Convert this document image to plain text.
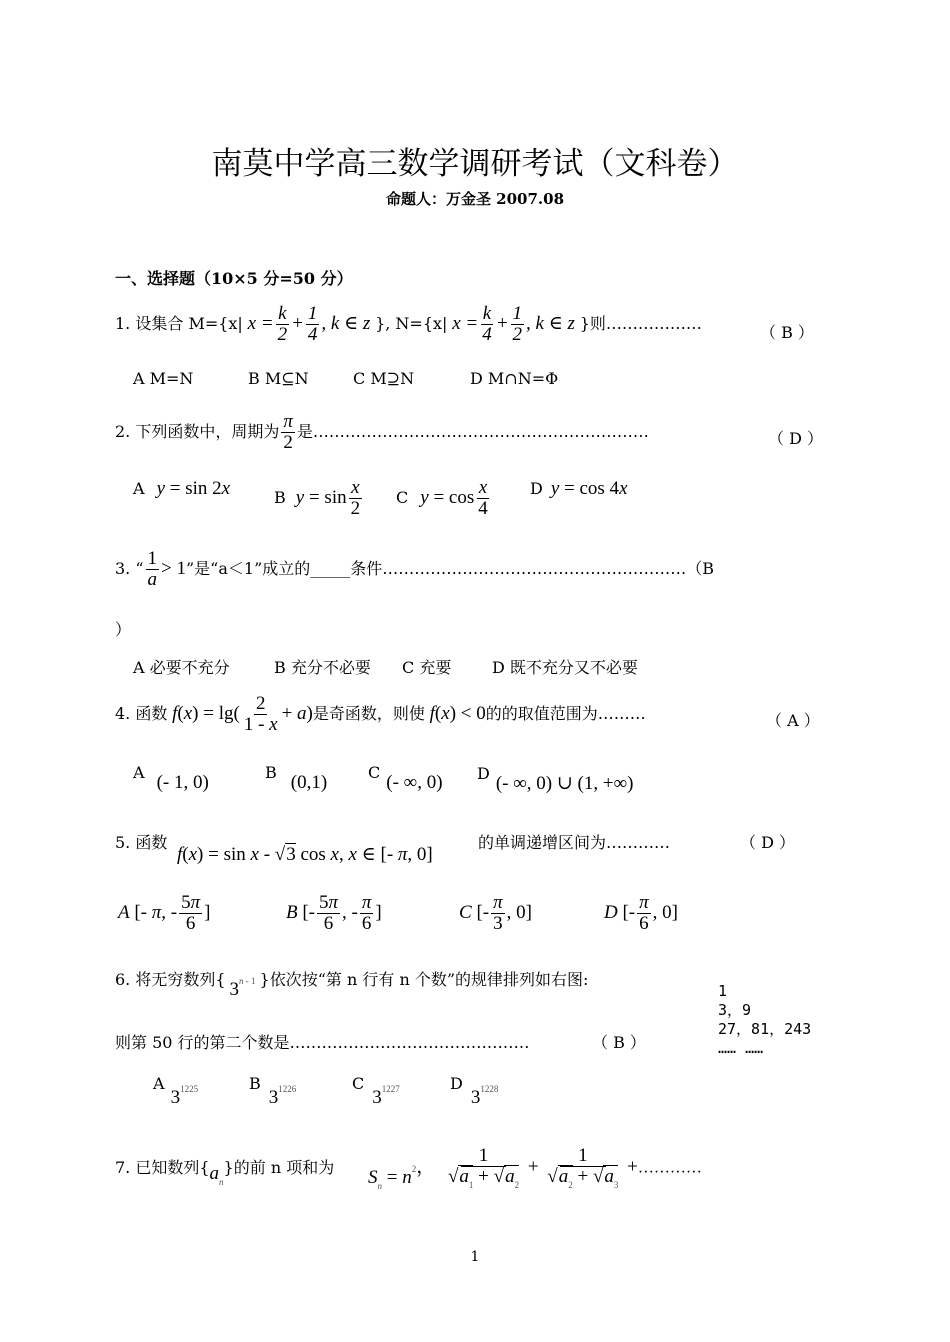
南莫中学高三数学调研考试（文科卷）
命题人：万金圣 2007.08
一、选择题（10×5 分=50 分）
1. 设集合 M={x| $x = \frac{k}{2} + \frac{1}{4}$ , k ∈ z }, N={x| $x = \frac{k}{4} + \frac{1}{2}$ , k ∈ z }则………………	（ B ）
A M=N	B M⊆N	C M⊇N	D M∩N=Φ
2. 下列函数中，周期为 $\frac{\pi}{2}$ 是………………………………………………………	（ D ）
A y = sin 2x	B $y = \sin \frac{x}{2}$ C $y = \cos \frac{x}{4}$	D y = cos 4x
3. “ $\frac{1}{a} > 1$”是“a＜1”成立的_____条件…………………………………………………（B
）
A 必要不充分	B 充分不必要 C 充要	D 既不充分又不必要
4. 函数 $f(x) = \lg( \frac{2}{1 - x} + a)$是奇函数，则使 f(x) < 0的的取值范围为………	（ A ）
A (- 1, 0)	B (0,1)	C (- ∞, 0) D (- ∞, 0) ∪ (1, +∞)
5. 函数
f(x) = sin x - √3 cos x, x ∈ [- π, 0]
的单调递增区间为…………	（ D ）
A [- π, - $\frac{5\pi}{6}$ ]	B [- $\frac{5\pi}{6}$ , - $\frac{\pi}{6}$ ]	C [- $\frac{\pi}{3}$ , 0]	D [- $\frac{\pi}{6}$ , 0]
6. 将无穷数列{ 3$^{n - 1}$ }依次按“第 n 行有 n 个数”的规律排列如右图:
则第 50 行的第二个数是………………………………………	（ B ）
1
3，9
27，81，243
…… ……
$A3^{1225}$	$B3^{1226}$	$C3^{1227}$	$D3^{1228}$
7. 已知数列$\{a_n\}$的前 n 项和为 $S_n = n^2$， $\frac{1}{√a_1 + √a_2} + \frac{1}{√a_2 + √a_3}$ +…………
1
